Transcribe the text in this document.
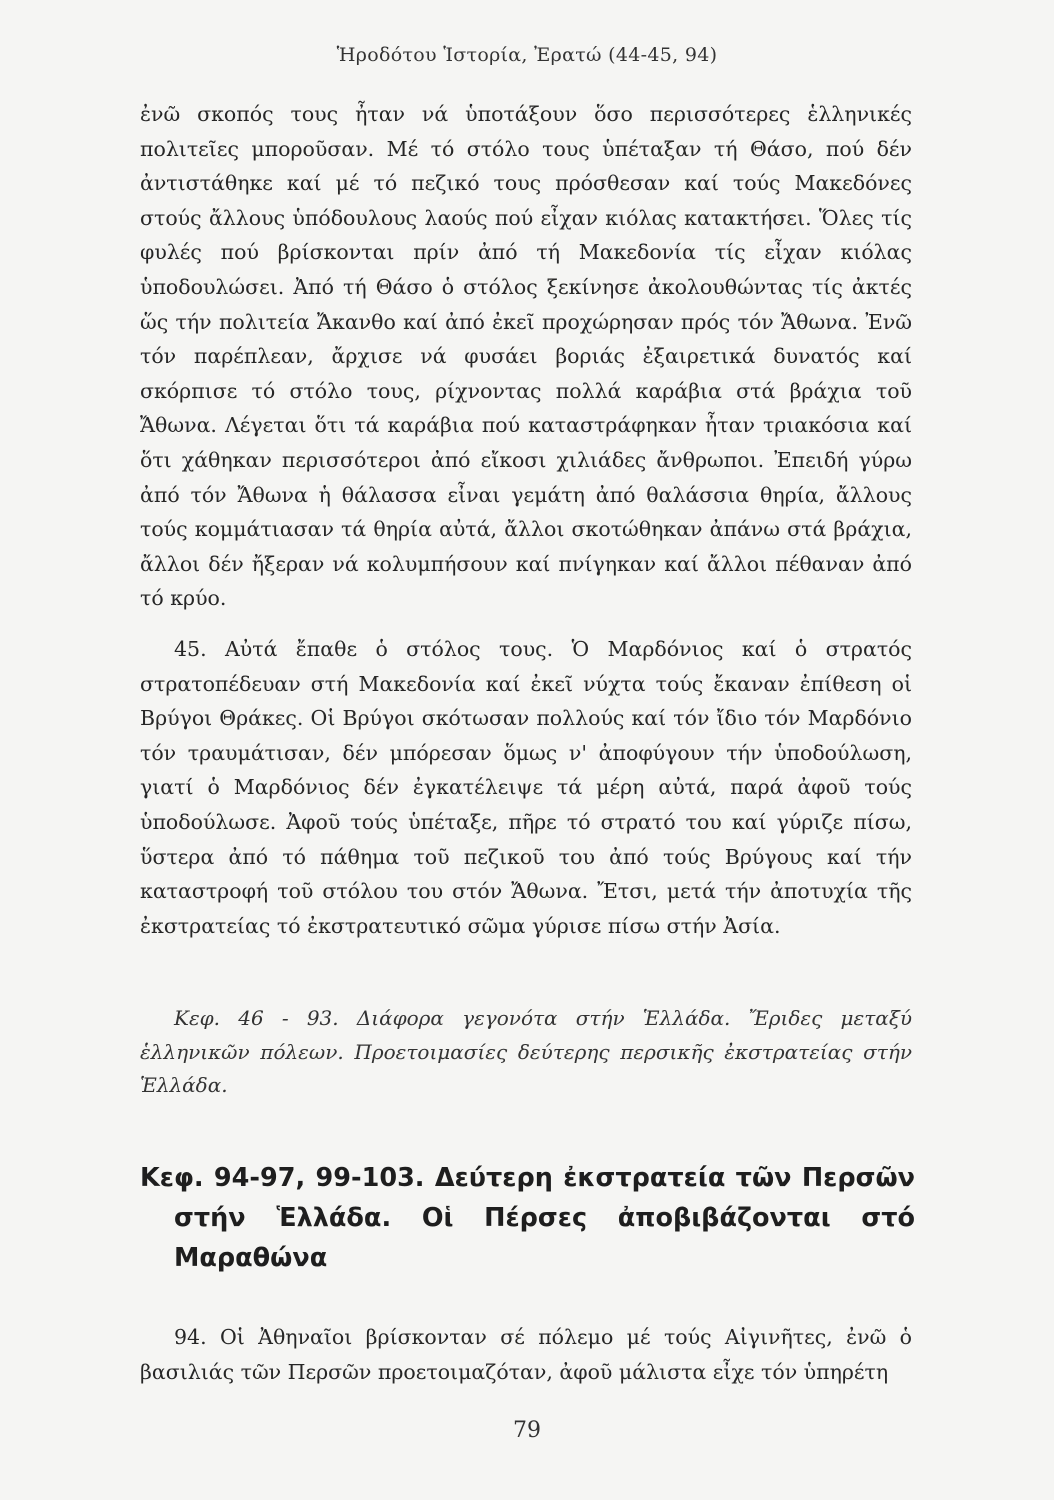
Ἡροδότου Ἱστορία, Ἐρατώ (44-45, 94)

ἐνῶ σκοπός τους ἦταν νά ὑποτάξουν ὅσο περισσότερες ἑλληνικές πολιτεῖες μποροῦσαν. Μέ τό στόλο τους ὑπέταξαν τή Θάσο, πού δέν ἀντιστάθηκε καί μέ τό πεζικό τους πρόσθεσαν καί τούς Μακεδόνες στούς ἄλλους ὑπόδουλους λαούς πού εἶχαν κιόλας κατακτήσει. Ὅλες τίς φυλές πού βρίσκονται πρίν ἀπό τή Μακεδονία τίς εἶχαν κιόλας ὑποδουλώσει. Ἀπό τή Θάσο ὁ στόλος ξεκίνησε ἀκολουθώντας τίς ἀκτές ὥς τήν πολιτεία Ἄκανθο καί ἀπό ἐκεῖ προχώρησαν πρός τόν Ἄθωνα. Ἐνῶ τόν παρέπλεαν, ἄρχισε νά φυσάει βοριάς ἐξαιρετικά δυνατός καί σκόρπισε τό στόλο τους, ρίχνοντας πολλά καράβια στά βράχια τοῦ Ἄθωνα. Λέγεται ὅτι τά καράβια πού καταστράφηκαν ἦταν τριακόσια καί ὅτι χάθηκαν περισσότεροι ἀπό εἴκοσι χιλιάδες ἄνθρωποι. Ἐπειδή γύρω ἀπό τόν Ἄθωνα ἡ θάλασσα εἶναι γεμάτη ἀπό θαλάσσια θηρία, ἄλλους τούς κομμάτιασαν τά θηρία αὐτά, ἄλλοι σκοτώθηκαν ἀπάνω στά βράχια, ἄλλοι δέν ἤξεραν νά κολυμπήσουν καί πνίγηκαν καί ἄλλοι πέθαναν ἀπό τό κρύο.

45. Αὐτά ἔπαθε ὁ στόλος τους. Ὁ Μαρδόνιος καί ὁ στρατός στρατοπέδευαν στή Μακεδονία καί ἐκεῖ νύχτα τούς ἔκαναν ἐπίθεση οἱ Βρύγοι Θράκες. Οἱ Βρύγοι σκότωσαν πολλούς καί τόν ἴδιο τόν Μαρδόνιο τόν τραυμάτισαν, δέν μπόρεσαν ὅμως ν' ἀποφύγουν τήν ὑποδούλωση, γιατί ὁ Μαρδόνιος δέν ἐγκατέλειψε τά μέρη αὐτά, παρά ἀφοῦ τούς ὑποδούλωσε. Ἀφοῦ τούς ὑπέταξε, πῆρε τό στρατό του καί γύριζε πίσω, ὕστερα ἀπό τό πάθημα τοῦ πεζικοῦ του ἀπό τούς Βρύγους καί τήν καταστροφή τοῦ στόλου του στόν Ἄθωνα. Ἔτσι, μετά τήν ἀποτυχία τῆς ἐκστρατείας τό ἐκστρατευτικό σῶμα γύρισε πίσω στήν Ἀσία.

Κεφ. 46 - 93. Διάφορα γεγονότα στήν Ἑλλάδα. Ἔριδες μεταξύ ἑλληνικῶν πόλεων. Προετοιμασίες δεύτερης περσικῆς ἐκστρατείας στήν Ἑλλάδα.

Κεφ. 94-97, 99-103. Δεύτερη ἐκστρατεία τῶν Περσῶν
στήν Ἑλλάδα. Οἱ Πέρσες ἀποβιβάζονται στό Μαραθώνα

94. Οἱ Ἀθηναῖοι βρίσκονταν σέ πόλεμο μέ τούς Αἰγινῆτες, ἐνῶ ὁ βασιλιάς τῶν Περσῶν προετοιμαζόταν, ἀφοῦ μάλιστα εἶχε τόν ὑπηρέτη

79
